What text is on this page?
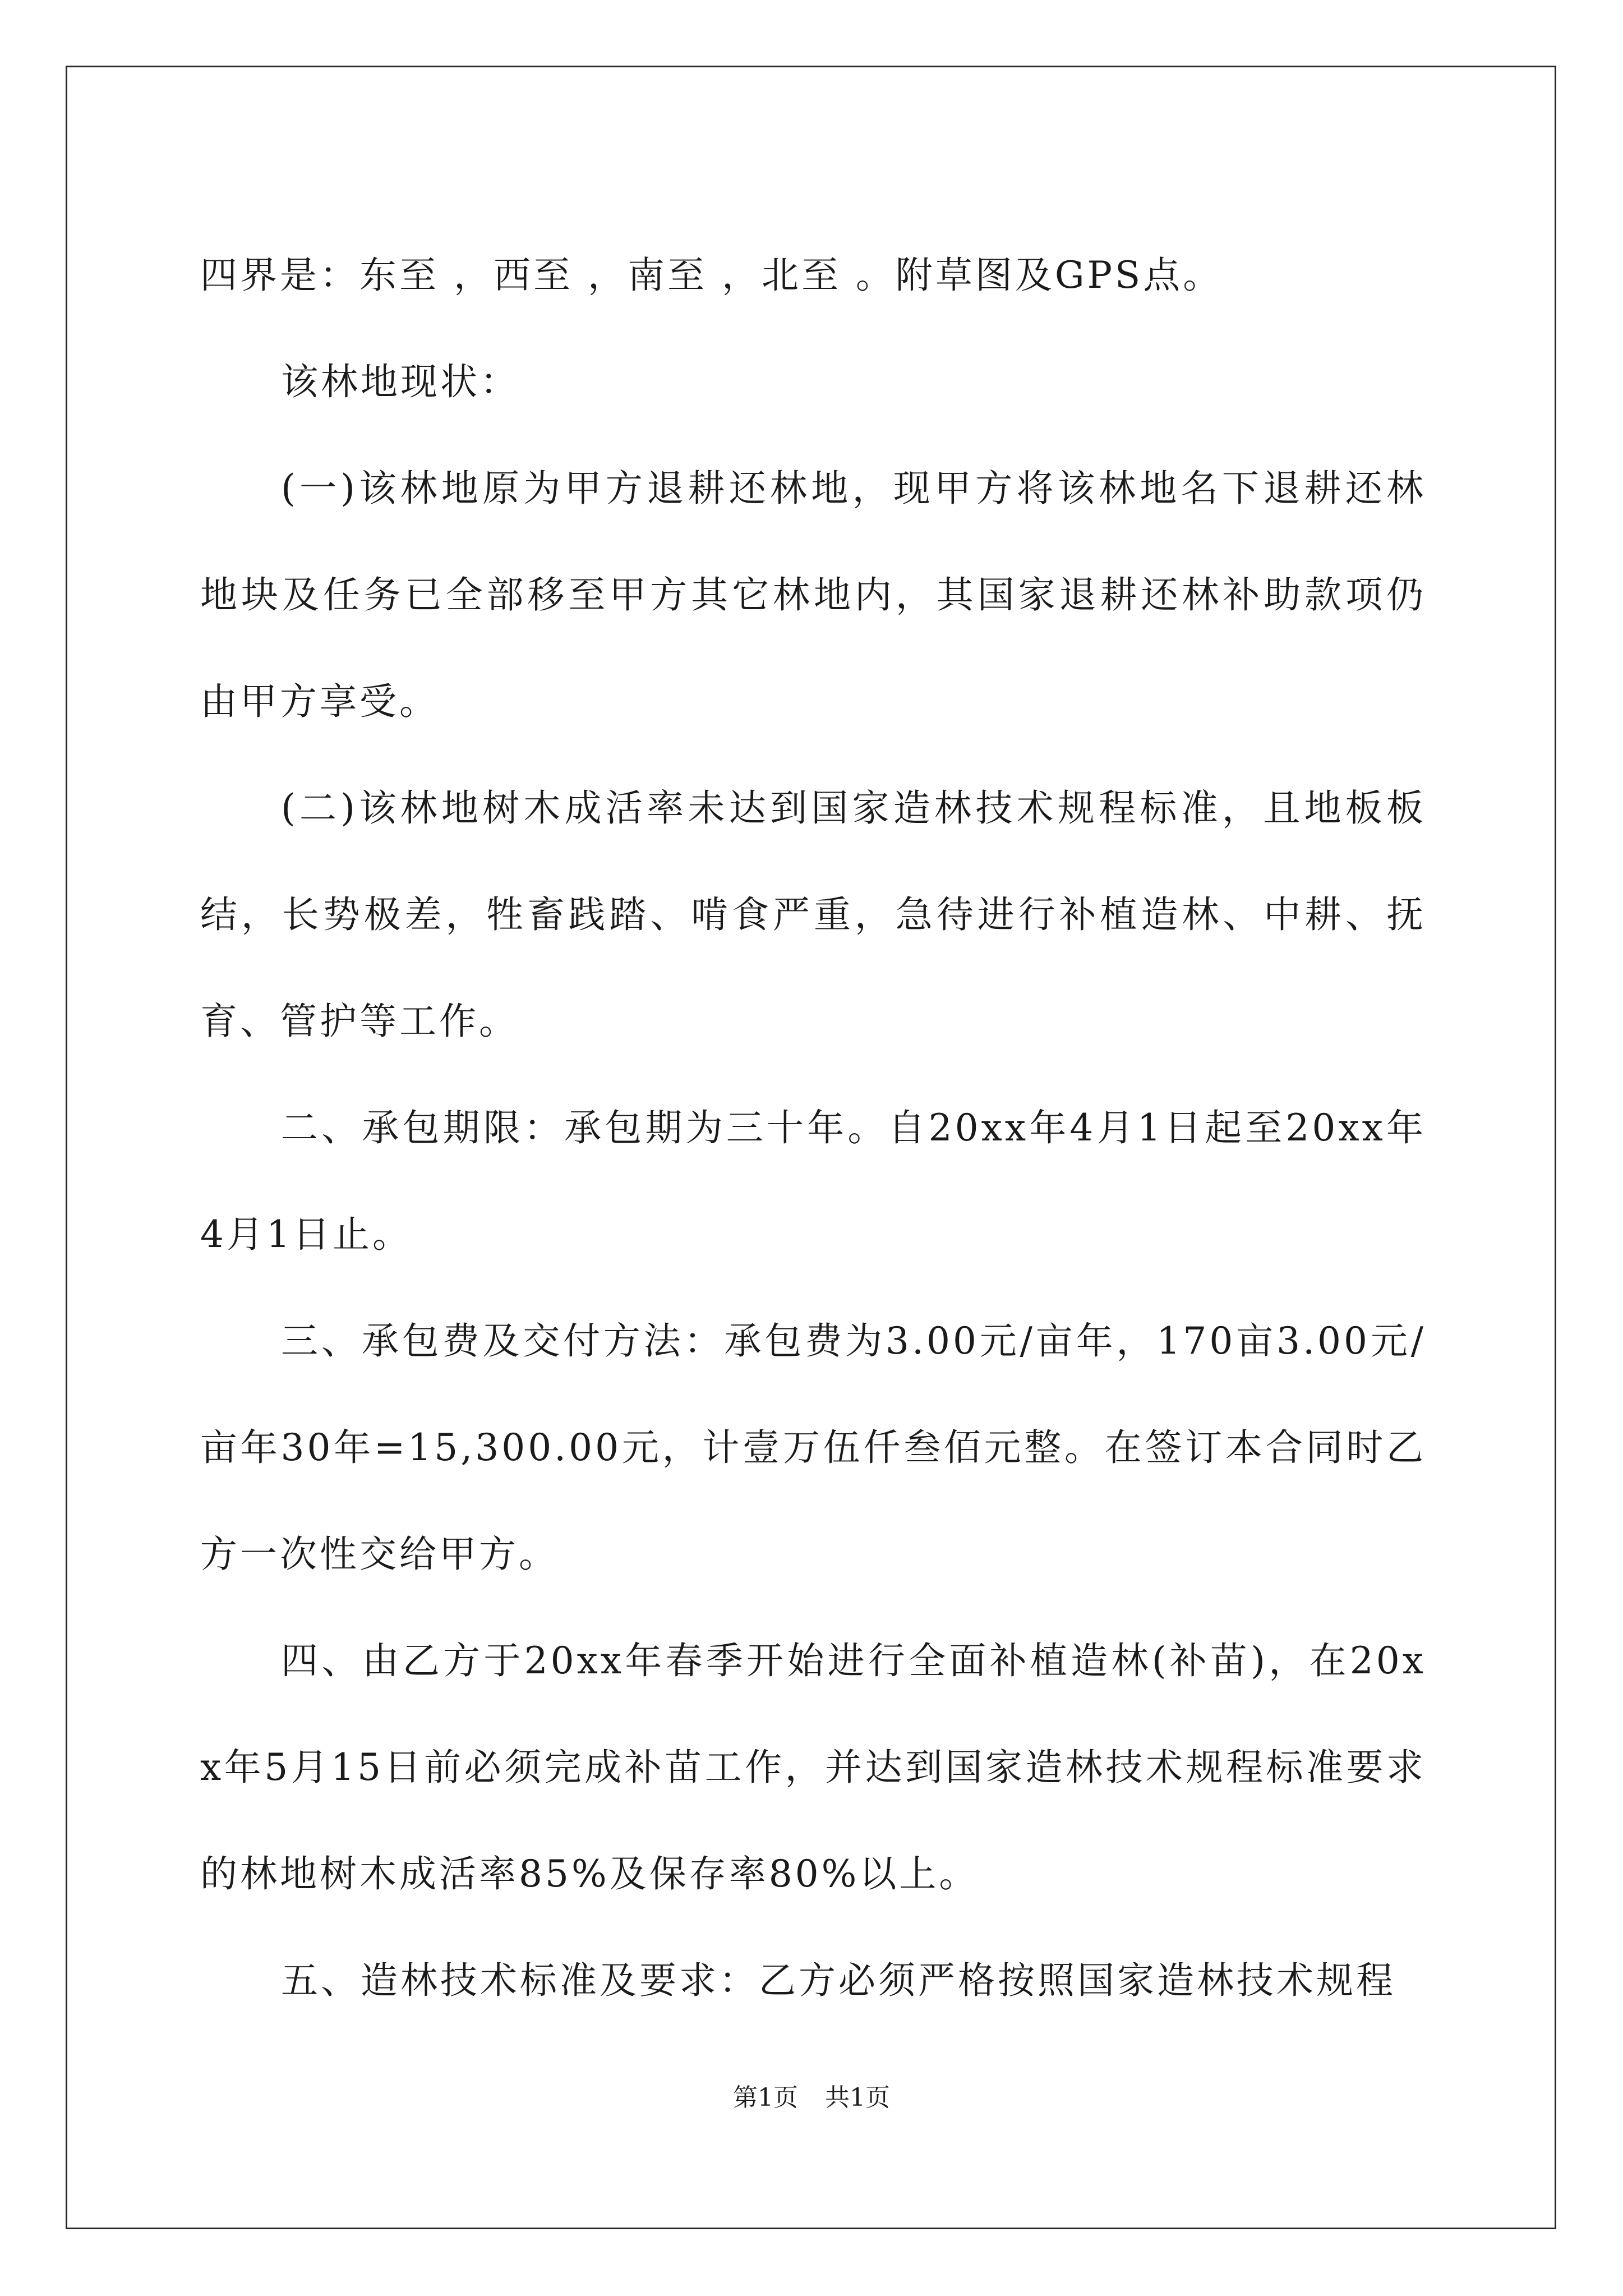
四界是：东至 ，西至 ，南至 ，北至 。附草图及GPS点。

该林地现状：

(一)该林地原为甲方退耕还林地，现甲方将该林地名下退耕还林地块及任务已全部移至甲方其它林地内，其国家退耕还林补助款项仍由甲方享受。

(二)该林地树木成活率未达到国家造林技术规程标准，且地板板结，长势极差，牲畜践踏、啃食严重，急待进行补植造林、中耕、抚育、管护等工作。

二、承包期限：承包期为三十年。自20xx年4月1日起至20xx年4月1日止。

三、承包费及交付方法：承包费为3.00元/亩年，170亩3.00元/亩年30年=15,300.00元，计壹万伍仟叁佰元整。在签订本合同时乙方一次性交给甲方。

四、由乙方于20xx年春季开始进行全面补植造林(补苗)，在20xx年5月15日前必须完成补苗工作，并达到国家造林技术规程标准要求的林地树木成活率85%及保存率80%以上。

五、造林技术标准及要求：乙方必须严格按照国家造林技术规程

第1页 共1页
